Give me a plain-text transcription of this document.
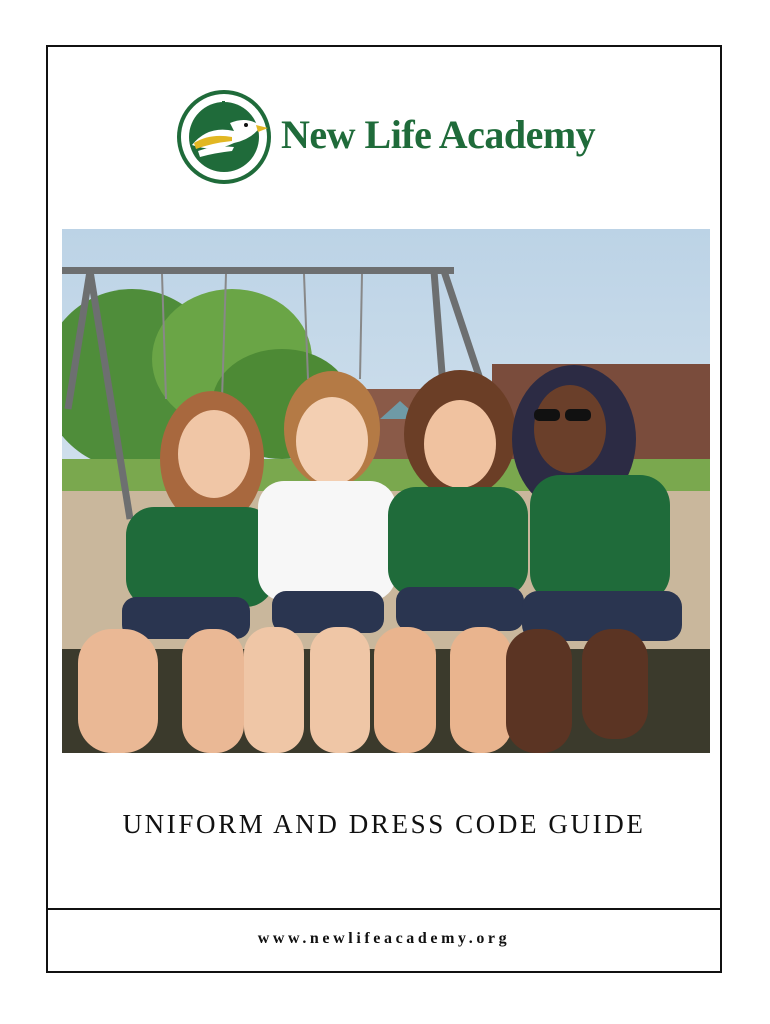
New Life Academy
UNIFORM AND DRESS CODE GUIDE
www.newlifeacademy.org
